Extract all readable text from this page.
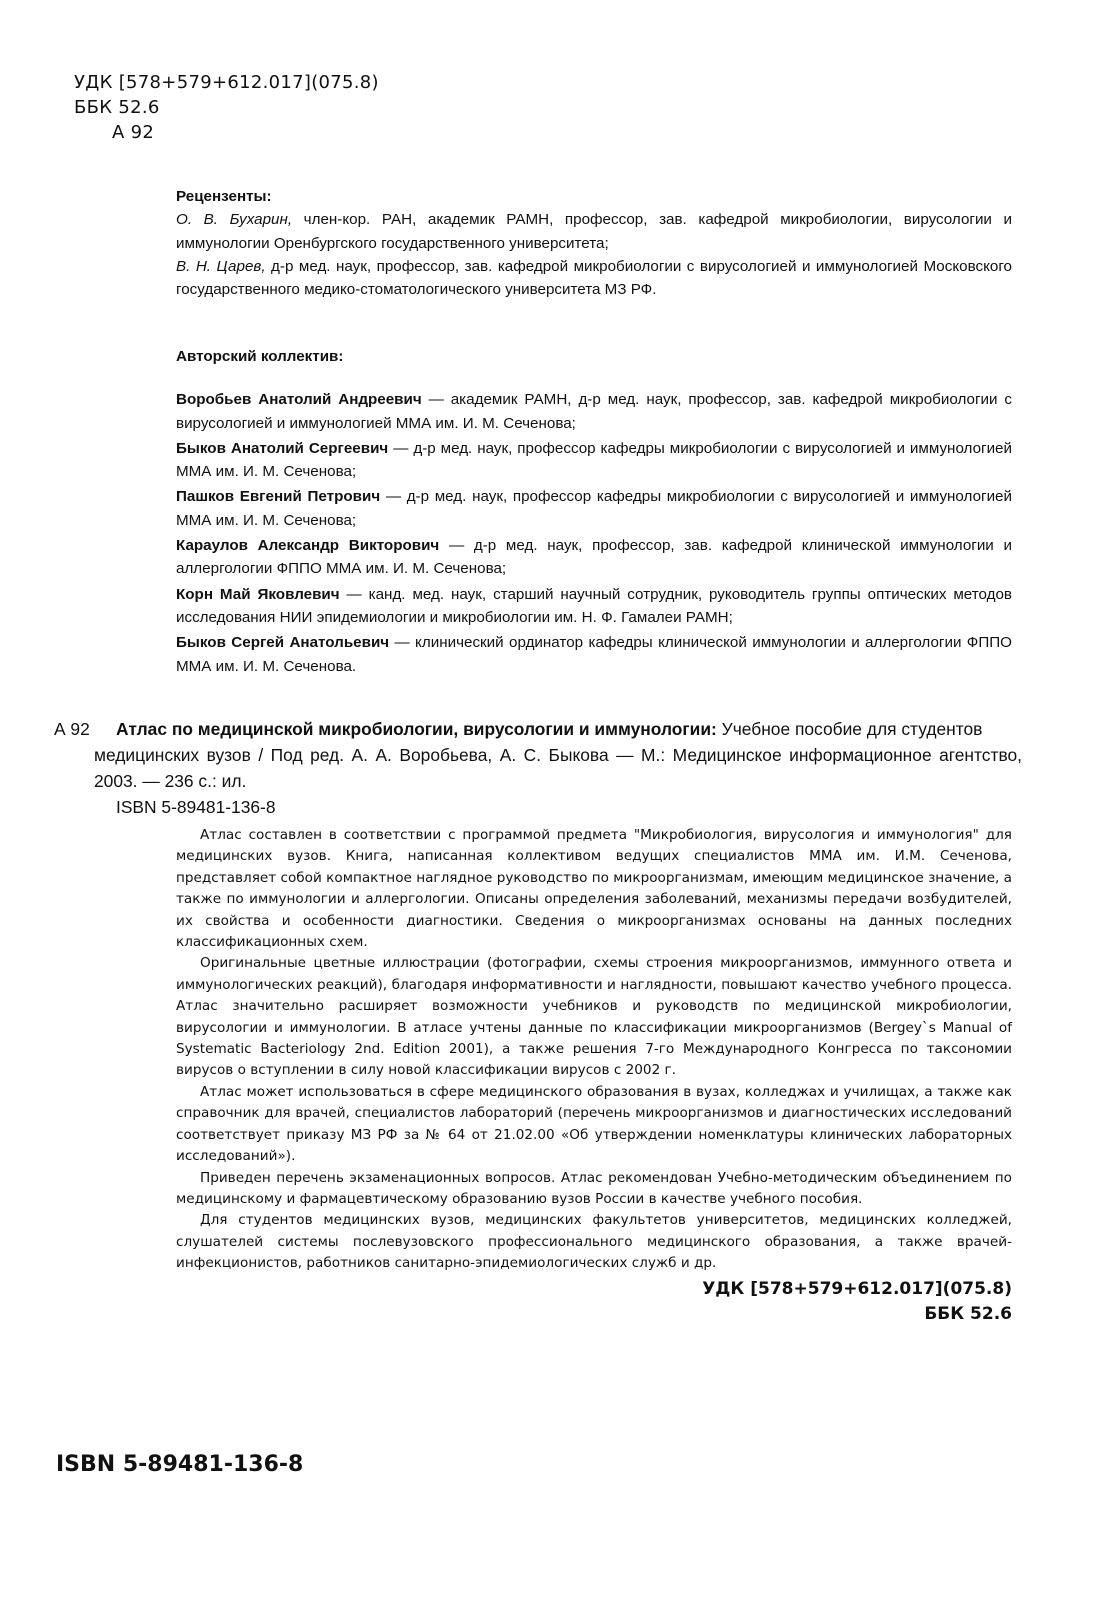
УДК [578+579+612.017](075.8)
ББК 52.6
А 92
Рецензенты:
О. В. Бухарин, член-кор. РАН, академик РАМН, профессор, зав. кафедрой микробиологии, вирусологии и иммунологии Оренбургского государственного университета;
В. Н. Царев, д-р мед. наук, профессор, зав. кафедрой микробиологии с вирусологией и иммунологией Московского государственного медико-стоматологического университета МЗ РФ.
Авторский коллектив:
Воробьев Анатолий Андреевич — академик РАМН, д-р мед. наук, профессор, зав. кафедрой микробиологии с вирусологией и иммунологией ММА им. И. М. Сеченова;
Быков Анатолий Сергеевич — д-р мед. наук, профессор кафедры микробиологии с вирусологией и иммунологией ММА им. И. М. Сеченова;
Пашков Евгений Петрович — д-р мед. наук, профессор кафедры микробиологии с вирусологией и иммунологией ММА им. И. М. Сеченова;
Караулов Александр Викторович — д-р мед. наук, профессор, зав. кафедрой клинической иммунологии и аллергологии ФППО ММА им. И. М. Сеченова;
Корн Май Яковлевич — канд. мед. наук, старший научный сотрудник, руководитель группы оптических методов исследования НИИ эпидемиологии и микробиологии им. Н. Ф. Гамалеи РАМН;
Быков Сергей Анатольевич — клинический ординатор кафедры клинической иммунологии и аллергологии ФППО ММА им. И. М. Сеченова.
А 92	Атлас по медицинской микробиологии, вирусологии и иммунологии: Учебное пособие для студентов
медицинских вузов / Под ред. А. А. Воробьева, А. С. Быкова — М.: Медицинское информационное агентство, 2003. — 236 с.: ил.
ISBN 5-89481-136-8

Атлас составлен в соответствии с программой предмета "Микробиология, вирусология и иммунология" для медицинских вузов. Книга, написанная коллективом ведущих специалистов ММА им. И.М. Сеченова, представляет собой компактное наглядное руководство по микроорганизмам, имеющим медицинское значение, а также по иммунологии и аллергологии. Описаны определения заболеваний, механизмы передачи возбудителей, их свойства и особенности диагностики. Сведения о микроорганизмах основаны на данных последних классификационных схем.

Оригинальные цветные иллюстрации (фотографии, схемы строения микроорганизмов, иммунного ответа и иммунологических реакций), благодаря информативности и наглядности, повышают качество учебного процесса. Атлас значительно расширяет возможности учебников и руководств по медицинской микробиологии, вирусологии и иммунологии. В атласе учтены данные по классификации микроорганизмов (Bergey`s Manual of Systematic Bacteriology 2nd. Edition 2001), а также решения 7-го Международного Конгресса по таксономии вирусов о вступлении в силу новой классификации вирусов с 2002 г.

Атлас может использоваться в сфере медицинского образования в вузах, колледжах и училищах, а также как справочник для врачей, специалистов лабораторий (перечень микроорганизмов и диагностических исследований соответствует приказу МЗ РФ за № 64 от 21.02.00 «Об утверждении номенклатуры клинических лабораторных исследований»).

Приведен перечень экзаменационных вопросов. Атлас рекомендован Учебно-методическим объединением по медицинскому и фармацевтическому образованию вузов России в качестве учебного пособия.

Для студентов медицинских вузов, медицинских факультетов университетов, медицинских колледжей, слушателей системы послевузовского профессионального медицинского образования, а также врачей-инфекционистов, работников санитарно-эпидемиологических служб и др.

УДК [578+579+612.017](075.8)
ББК 52.6
ISBN 5-89481-136-8
